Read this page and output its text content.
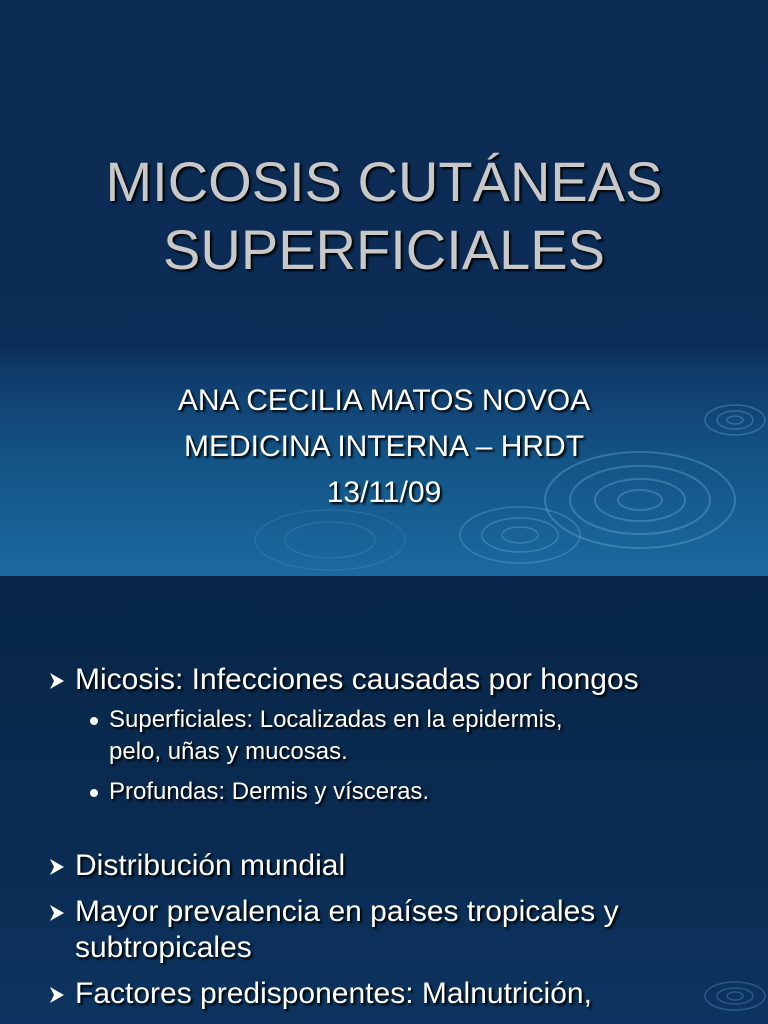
MICOSIS CUTÁNEAS
SUPERFICIALES
ANA CECILIA MATOS NOVOA
MEDICINA INTERNA – HRDT
13/11/09
Micosis: Infecciones causadas por hongos
Superficiales: Localizadas en la epidermis,
pelo, uñas y mucosas.
Profundas: Dermis y vísceras.
Distribución mundial
Mayor prevalencia en países tropicales y
subtropicales
Factores predisponentes: Malnutrición,
